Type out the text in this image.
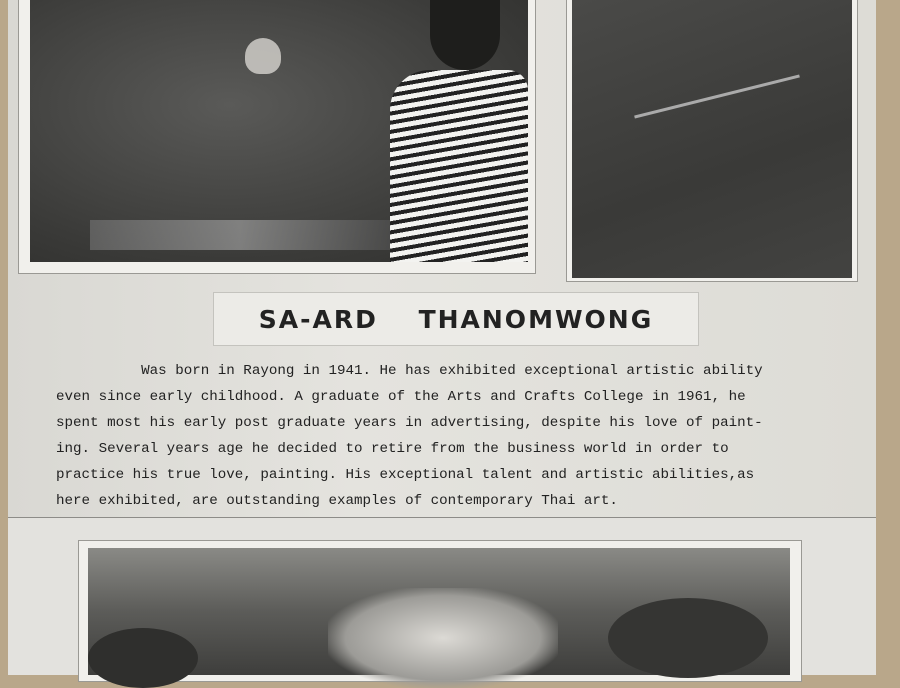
SA-ARD THANOMWONG
Was born in Rayong in 1941. He has exhibited exceptional artistic ability
even since early childhood. A graduate of the Arts and Crafts College in 1961, he
spent most his early post graduate years in advertising, despite his love of paint-
ing. Several years age he decided to retire from the business world in order to
practice his true love, painting. His exceptional talent and artistic abilities,as
here exhibited, are outstanding examples of contemporary Thai art.
